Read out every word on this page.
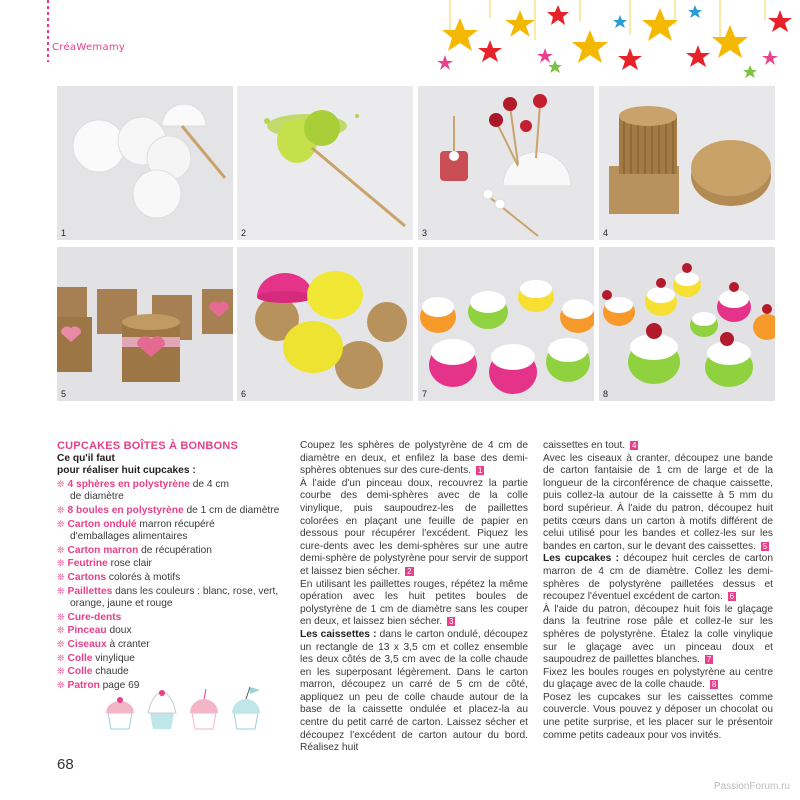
CréaWemamy
1	2	3	4
5	6	7	8
CUPCAKES BOÎTES À BONBONS
Ce qu'il faut
pour réaliser huit cupcakes :
❊ 4 sphères en polystyrène de 4 cm
de diamètre
❊ 8 boules en polystyrène de 1 cm de diamètre
❊ Carton ondulé marron récupéré
d'emballages alimentaires
❊ Carton marron de récupération
❊ Feutrine rose clair
❊ Cartons colorés à motifs
❊ Paillettes dans les couleurs : blanc, rose, vert,
orange, jaune et rouge
❊ Cure-dents
❊ Pinceau doux
❊ Ciseaux à cranter
❊ Colle vinylique
❊ Colle chaude
❊ Patron page 69

Coupez les sphères de polystyrène de 4 cm de diamètre en deux, et enfilez la base des demi-sphères obtenues sur des cure-dents. 1

À l'aide d'un pinceau doux, recouvrez la partie courbe des demi-sphères avec de la colle vinylique, puis saupoudrez-les de paillettes colorées en plaçant une feuille de papier en dessous pour récupérer l'excédent. Piquez les cure-dents avec les demi-sphères sur une autre demi-sphère de polystyrène pour servir de support et laissez bien sécher. 2

En utilisant les paillettes rouges, répétez la même opération avec les huit petites boules de polystyrène de 1 cm de diamètre sans les couper en deux, et laissez bien sécher. 3

Les caissettes : dans le carton ondulé, découpez un rectangle de 13 x 3,5 cm et collez ensemble les deux côtés de 3,5 cm avec de la colle chaude en les superposant légèrement. Dans le carton marron, découpez un carré de 5 cm de côté, appliquez un peu de colle chaude autour de la base de la caissette ondulée et placez-la au centre du petit carré de carton. Laissez sécher et découpez l'excédent de carton autour du bord. Réalisez huit

caissettes en tout. 4

Avec les ciseaux à cranter, découpez une bande de carton fantaisie de 1 cm de large et de la longueur de la circonférence de chaque caissette, puis collez-la autour de la caissette à 5 mm du bord supérieur. À l'aide du patron, découpez huit petits cœurs dans un carton à motifs différent de celui utilisé pour les bandes et collez-les sur les bandes en carton, sur le devant des caissettes. 5

Les cupcakes : découpez huit cercles de carton marron de 4 cm de diamètre. Collez les demi-sphères de polystyrène pailletées dessus et recoupez l'éventuel excédent de carton. 6

À l'aide du patron, découpez huit fois le glaçage dans la feutrine rose pâle et collez-le sur les sphères de polystyrène. Étalez la colle vinylique sur le glaçage avec un pinceau doux et saupoudrez de paillettes blanches. 7

Fixez les boules rouges en polystyrène au centre du glaçage avec de la colle chaude. 8

Posez les cupcakes sur les caissettes comme couvercle. Vous pouvez y déposer un chocolat ou une petite surprise, et les placer sur le présentoir comme petits cadeaux pour vos invités.

68
PassionForum.ru
